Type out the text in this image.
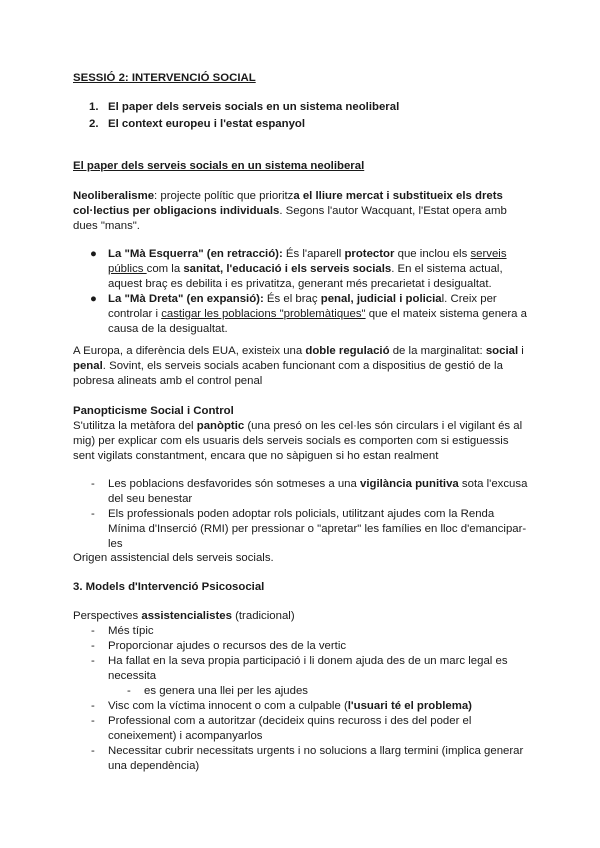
SESSIÓ 2: INTERVENCIÓ SOCIAL

1. El paper dels serveis socials en un sistema neoliberal
2. El context europeu i l'estat espanyol

El paper dels serveis socials en un sistema neoliberal

Neoliberalisme: projecte polític que prioritza el lliure mercat i substitueix els drets col·lectius per obligacions individuals. Segons l'autor Wacquant, l'Estat opera amb dues "mans".

● La "Mà Esquerra" (en retracció): És l'aparell protector que inclou els serveis públics com la sanitat, l'educació i els serveis socials. En el sistema actual, aquest braç es debilita i es privatitza, generant més precarietat i desigualtat.
● La "Mà Dreta" (en expansió): És el braç penal, judicial i policial. Creix per controlar i castigar les poblacions "problemàtiques" que el mateix sistema genera a causa de la desigualtat.

A Europa, a diferència dels EUA, existeix una doble regulació de la marginalitat: social i penal. Sovint, els serveis socials acaben funcionant com a dispositius de gestió de la pobresa alineats amb el control penal

Panopticisme Social i Control

S'utilitza la metàfora del panòptic (una presó on les cel·les són circulars i el vigilant és al mig) per explicar com els usuaris dels serveis socials es comporten com si estiguessis sent vigilats constantment, encara que no sàpiguen si ho estan realment

- Les poblacions desfavorides són sotmeses a una vigilància punitiva sota l'excusa del seu benestar
- Els professionals poden adoptar rols policials, utilitzant ajudes com la Renda Mínima d'Inserció (RMI) per pressionar o "apretar" les famílies en lloc d'emancipar-les

Origen assistencial dels serveis socials.

3. Models d'Intervenció Psicosocial

Perspectives assistencialistes (tradicional)

- Més típic
- Proporcionar ajudes o recursos des de la vertic
- Ha fallat en la seva propia participació i li donem ajuda des de un marc legal es necessita
- es genera una llei per les ajudes
- Visc com la víctima innocent o com a culpable (l'usuari té el problema)
- Professional com a autoritzar (decideix quins recuross i des del poder el coneixement) i acompanyarlos
- Necessitar cubrir necessitats urgents i no solucions a llarg termini (implica generar una dependència)
